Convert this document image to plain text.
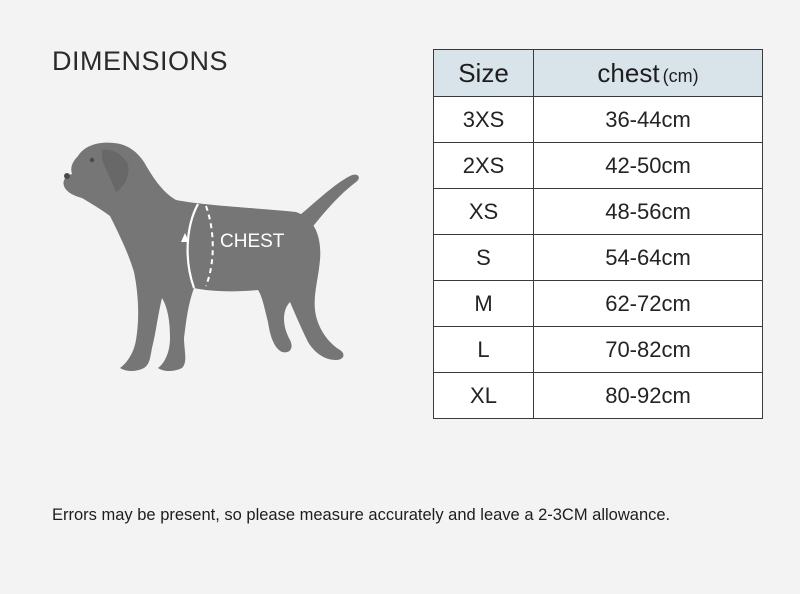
DIMENSIONS
CHEST
Size	chest (cm)
3XS	36-44cm
2XS	42-50cm
XS	48-56cm
S	54-64cm
M	62-72cm
L	70-82cm
XL	80-92cm

Errors may be present, so please measure accurately and leave a 2-3CM allowance.
